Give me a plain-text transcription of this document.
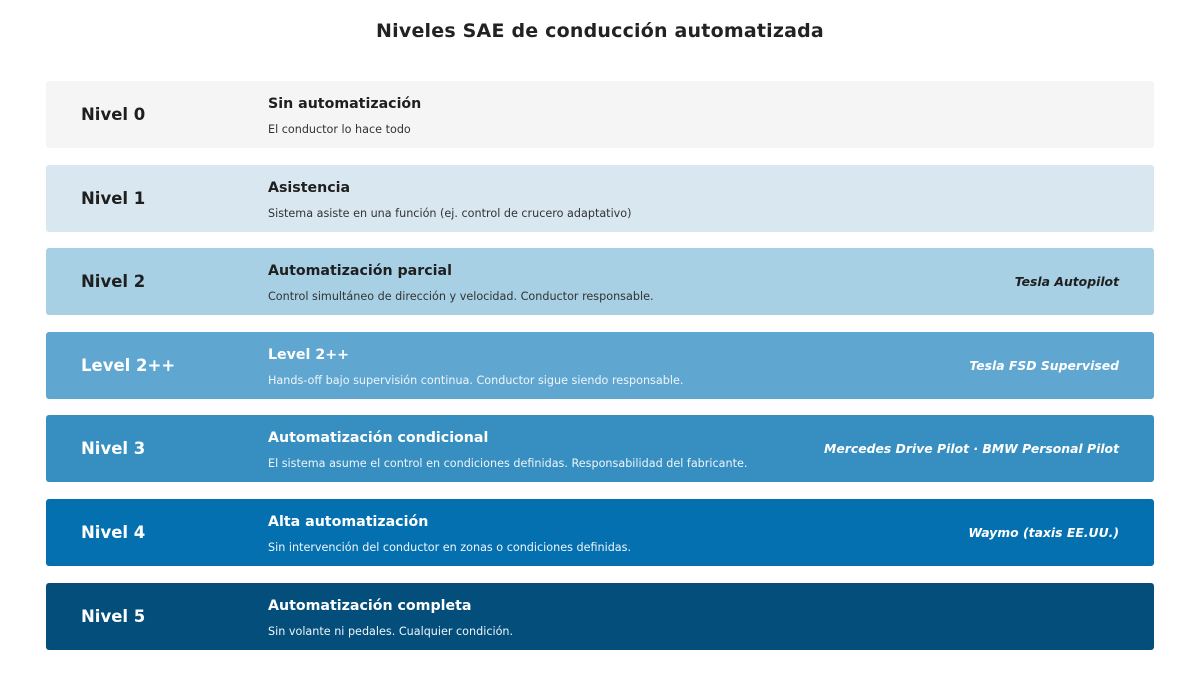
Niveles SAE de conducción automatizada
Nivel 0
Sin automatización
El conductor lo hace todo
Nivel 1
Asistencia
Sistema asiste en una función (ej. control de crucero adaptativo)
Nivel 2
Automatización parcial
Control simultáneo de dirección y velocidad. Conductor responsable.
Tesla Autopilot
Level 2++
Level 2++
Hands-off bajo supervisión continua. Conductor sigue siendo responsable.
Tesla FSD Supervised
Nivel 3
Automatización condicional
El sistema asume el control en condiciones definidas. Responsabilidad del fabricante.
Mercedes Drive Pilot · BMW Personal Pilot
Nivel 4
Alta automatización
Sin intervención del conductor en zonas o condiciones definidas.
Waymo (taxis EE.UU.)
Nivel 5
Automatización completa
Sin volante ni pedales. Cualquier condición.
